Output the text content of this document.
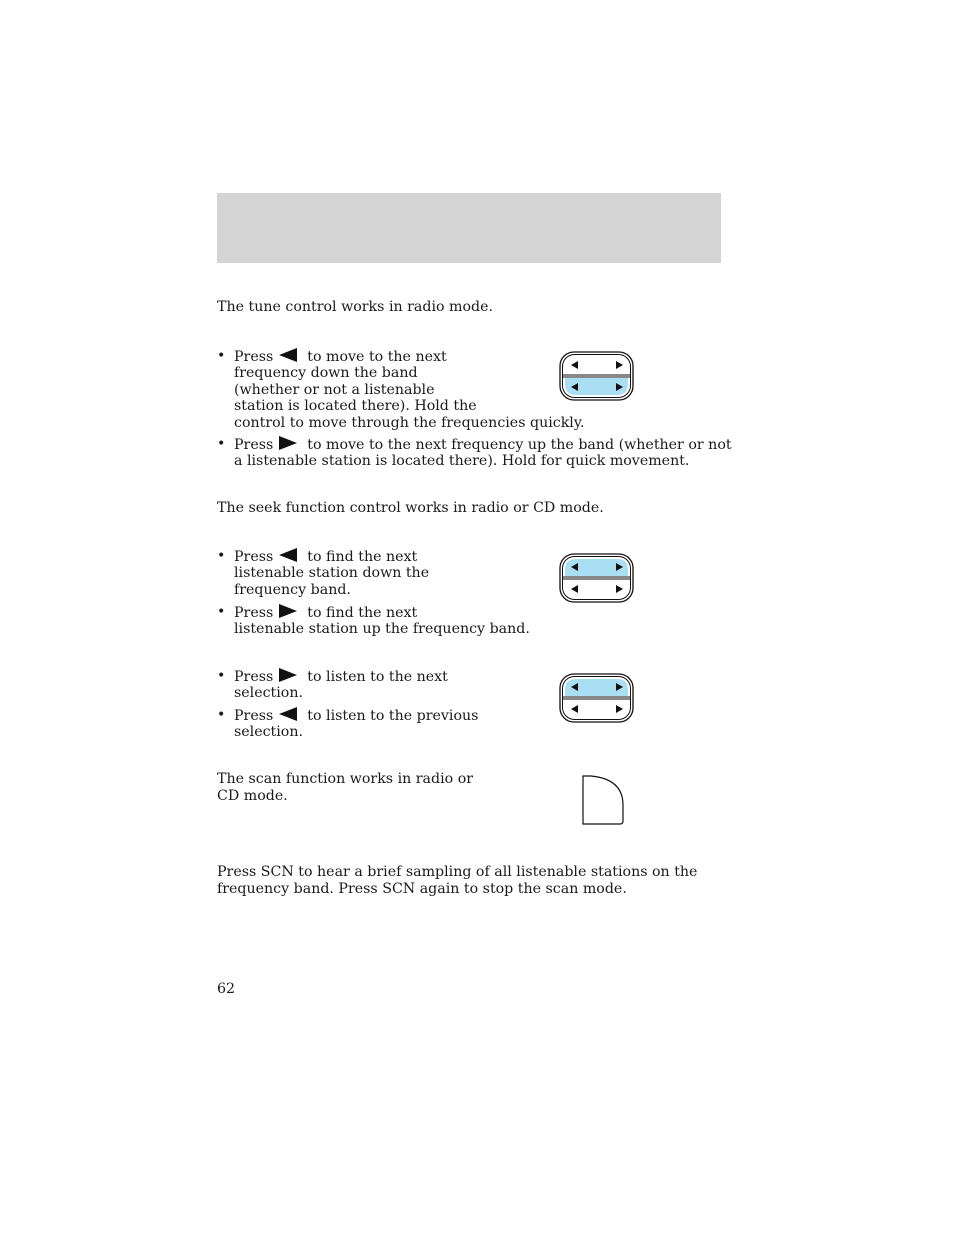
The tune control works in radio mode.

• Press to move to the next
frequency down the band
(whether or not a listenable
station is located there). Hold the
control to move through the frequencies quickly.
• Press to move to the next frequency up the band (whether or not
a listenable station is located there). Hold for quick movement.

The seek function control works in radio or CD mode.

• Press to find the next
listenable station down the
frequency band.
• Press to find the next
listenable station up the frequency band.
• Press to listen to the next
selection.
• Press to listen to the previous
selection.

The scan function works in radio or
CD mode.

Press SCN to hear a brief sampling of all listenable stations on the
frequency band. Press SCN again to stop the scan mode.

62
